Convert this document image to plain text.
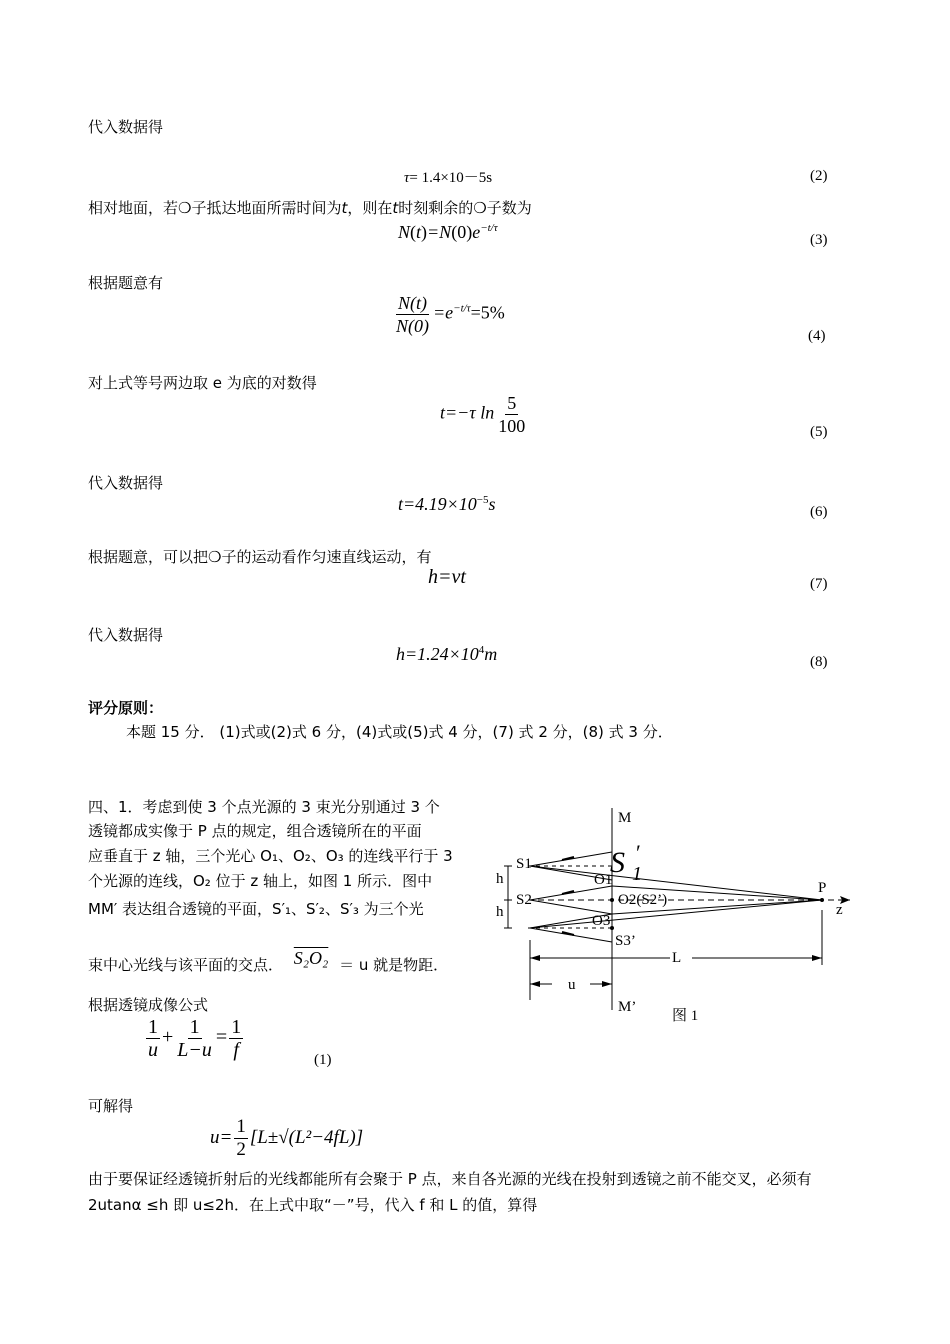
代入数据得
τ= 1.4×10－5s	(2)
相对地面，若❍子抵达地面所需时间为t，则在t时刻剩余的❍子数为
$N(t)=N(0)e^{-t/\tau}$
(3)
根据题意有
$\frac{N(t)}{N(0)} =e^{-t/\tau}=5\%$
(4)
对上式等号两边取 e 为底的对数得
t=−τ $\ln \frac{5}{100}$	(5)
代入数据得
$t=4.19\times 10^{-5}s$	(6)
根据题意，可以把❍子的运动看作匀速直线运动，有
h=vt	(7)
代入数据得
$h=1.24\times 10^4m$	(8)
评分原则：
本题 15 分． (1)式或(2)式 6 分，(4)式或(5)式 4 分，(7) 式 2 分，(8) 式 3 分．
四、1．考虑到使 3 个点光源的 3 束光分别通过 3 个
透镜都成实像于 P 点的规定，组合透镜所在的平面
应垂直于 z 轴，三个光心 O₁、O₂、O₃ 的连线平行于 3
个光源的连线，O₂ 位于 z 轴上，如图 1 所示．图中
MM′ 表达组合透镜的平面，S′₁、S′₂、S′₃ 为三个光
束中心光线与该平面的交点． S₂O₂ ＝ u 就是物距．
根据透镜成像公式
$\frac{1}{u} + \frac{1}{L-u} = \frac{1}{f}$	(1)
可解得
$u= \frac{1}{2} [L\pm√(L^2-4fL)]$
由于要保证经透镜折射后的光线都能所有会聚于 P 点，来自各光源的光线在投射到透镜之前不能交叉，必须有
2utanα ≤h 即 u≤2h．在上式中取“－”号，代入 f 和 L 的值，算得
M
M’
S1
S2
S3’
O1
O2(S2’)
O3
S 1
′
P
z
h
h
L
u
图 1
